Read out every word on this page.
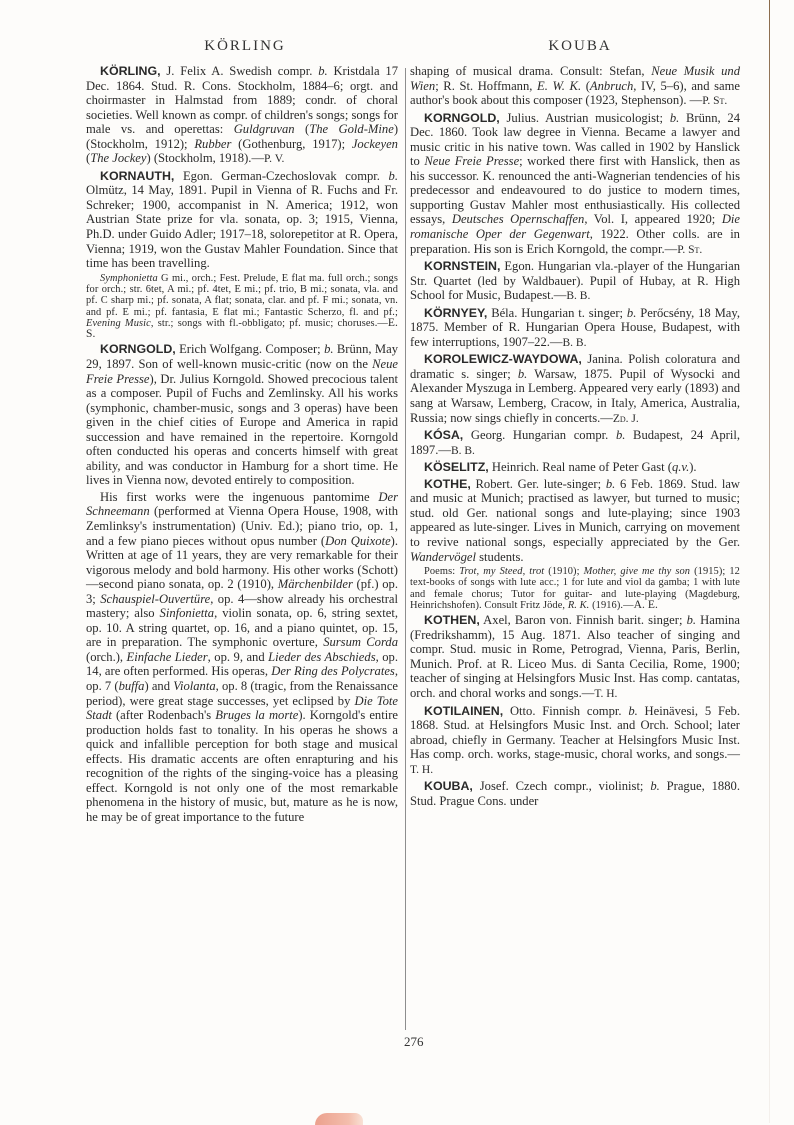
KÖRLING	KOUBA

KÖRLING, J. Felix A. Swedish compr. b. Kristdala 17 Dec. 1864. Stud. R. Cons. Stockholm, 1884–6; orgt. and choirmaster in Halmstad from 1889; condr. of choral societies. Well known as compr. of children's songs; songs for male vs. and operettas: Guldgruvan (The Gold-Mine) (Stockholm, 1912); Rubber (Gothenburg, 1917); Jockeyen (The Jockey) (Stockholm, 1918).—P. V.

KORNAUTH, Egon. German-Czechoslovak compr. b. Olmütz, 14 May, 1891. Pupil in Vienna of R. Fuchs and Fr. Schreker; 1900, accompanist in N. America; 1912, won Austrian State prize for vla. sonata, op. 3; 1915, Vienna, Ph.D. under Guido Adler; 1917–18, solorepetitor at R. Opera, Vienna; 1919, won the Gustav Mahler Foundation. Since that time has been travelling.

Symphonietta G mi., orch.; Fest. Prelude, E flat ma. full orch.; songs for orch.; str. 6tet, A mi.; pf. 4tet, E mi.; pf. trio, B mi.; sonata, vla. and pf. C sharp mi.; pf. sonata, A flat; sonata, clar. and pf. F mi.; sonata, vn. and pf. E mi.; pf. fantasia, E flat mi.; Fantastic Scherzo, fl. and pf.; Evening Music, str.; songs with fl.-obbligato; pf. music; choruses.—E. S.

KORNGOLD, Erich Wolfgang. Composer; b. Brünn, May 29, 1897. Son of well-known music-critic (now on the Neue Freie Presse), Dr. Julius Korngold. Showed precocious talent as a composer. Pupil of Fuchs and Zemlinsky. All his works (symphonic, chamber-music, songs and 3 operas) have been given in the chief cities of Europe and America in rapid succession and have remained in the repertoire. Korngold often conducted his operas and concerts himself with great ability, and was conductor in Hamburg for a short time. He lives in Vienna now, devoted entirely to composition.

His first works were the ingenuous pantomime Der Schneemann (performed at Vienna Opera House, 1908, with Zemlinksy's instrumentation) (Univ. Ed.); piano trio, op. 1, and a few piano pieces without opus number (Don Quixote). Written at age of 11 years, they are very remarkable for their vigorous melody and bold harmony. His other works (Schott)—second piano sonata, op. 2 (1910), Märchenbilder (pf.) op. 3; Schauspiel-Ouvertüre, op. 4—show already his orchestral mastery; also Sinfonietta, violin sonata, op. 6, string sextet, op. 10. A string quartet, op. 16, and a piano quintet, op. 15, are in preparation. The symphonic overture, Sursum Corda (orch.), Einfache Lieder, op. 9, and Lieder des Abschieds, op. 14, are often performed. His operas, Der Ring des Polycrates, op. 7 (buffa) and Violanta, op. 8 (tragic, from the Renaissance period), were great stage successes, yet eclipsed by Die Tote Stadt (after Rodenbach's Bruges la morte). Korngold's entire production holds fast to tonality. In his operas he shows a quick and infallible perception for both stage and musical effects. His dramatic accents are often enrapturing and his recognition of the rights of the singing-voice has a pleasing effect. Korngold is not only one of the most remarkable phenomena in the history of music, but, mature as he is now, he may be of great importance to the future

shaping of musical drama. Consult: Stefan, Neue Musik und Wien; R. St. Hoffmann, E. W. K. (Anbruch, IV, 5–6), and same author's book about this composer (1923, Stephenson). —P. St.

KORNGOLD, Julius. Austrian musicologist; b. Brünn, 24 Dec. 1860. Took law degree in Vienna. Became a lawyer and music critic in his native town. Was called in 1902 by Hanslick to Neue Freie Presse; worked there first with Hanslick, then as his successor. K. renounced the anti-Wagnerian tendencies of his predecessor and endeavoured to do justice to modern times, supporting Gustav Mahler most enthusiastically. His collected essays, Deutsches Opernschaffen, Vol. I, appeared 1920; Die romanische Oper der Gegenwart, 1922. Other colls. are in preparation. His son is Erich Korngold, the compr.—P. St.

KORNSTEIN, Egon. Hungarian vla.-player of the Hungarian Str. Quartet (led by Waldbauer). Pupil of Hubay, at R. High School for Music, Budapest.—B. B.

KÖRNYEY, Béla. Hungarian t. singer; b. Perőcsény, 18 May, 1875. Member of R. Hungarian Opera House, Budapest, with few interruptions, 1907–22.—B. B.

KOROLEWICZ-WAYDOWA, Janina. Polish coloratura and dramatic s. singer; b. Warsaw, 1875. Pupil of Wysocki and Alexander Myszuga in Lemberg. Appeared very early (1893) and sang at Warsaw, Lemberg, Cracow, in Italy, America, Australia, Russia; now sings chiefly in concerts.—Zd. J.

KÓSA, Georg. Hungarian compr. b. Budapest, 24 April, 1897.—B. B.

KÖSELITZ, Heinrich. Real name of Peter Gast (q.v.).

KOTHE, Robert. Ger. lute-singer; b. 6 Feb. 1869. Stud. law and music at Munich; practised as lawyer, but turned to music; stud. old Ger. national songs and lute-playing; since 1903 appeared as lute-singer. Lives in Munich, carrying on movement to revive national songs, especially appreciated by the Ger. Wandervögel students.

Poems: Trot, my Steed, trot (1910); Mother, give me thy son (1915); 12 text-books of songs with lute acc.; 1 for lute and viol da gamba; 1 with lute and female chorus; Tutor for guitar- and lute-playing (Magdeburg, Heinrichshofen). Consult Fritz Jöde, R. K. (1916).—A. E.

KOTHEN, Axel, Baron von. Finnish barit. singer; b. Hamina (Fredrikshamm), 15 Aug. 1871. Also teacher of singing and compr. Stud. music in Rome, Petrograd, Vienna, Paris, Berlin, Munich. Prof. at R. Liceo Mus. di Santa Cecilia, Rome, 1900; teacher of singing at Helsingfors Music Inst. Has comp. cantatas, orch. and choral works and songs.—T. H.

KOTILAINEN, Otto. Finnish compr. b. Heinävesi, 5 Feb. 1868. Stud. at Helsingfors Music Inst. and Orch. School; later abroad, chiefly in Germany. Teacher at Helsingfors Music Inst. Has comp. orch. works, stage-music, choral works, and songs.—T. H.

KOUBA, Josef. Czech compr., violinist; b. Prague, 1880. Stud. Prague Cons. under

276
